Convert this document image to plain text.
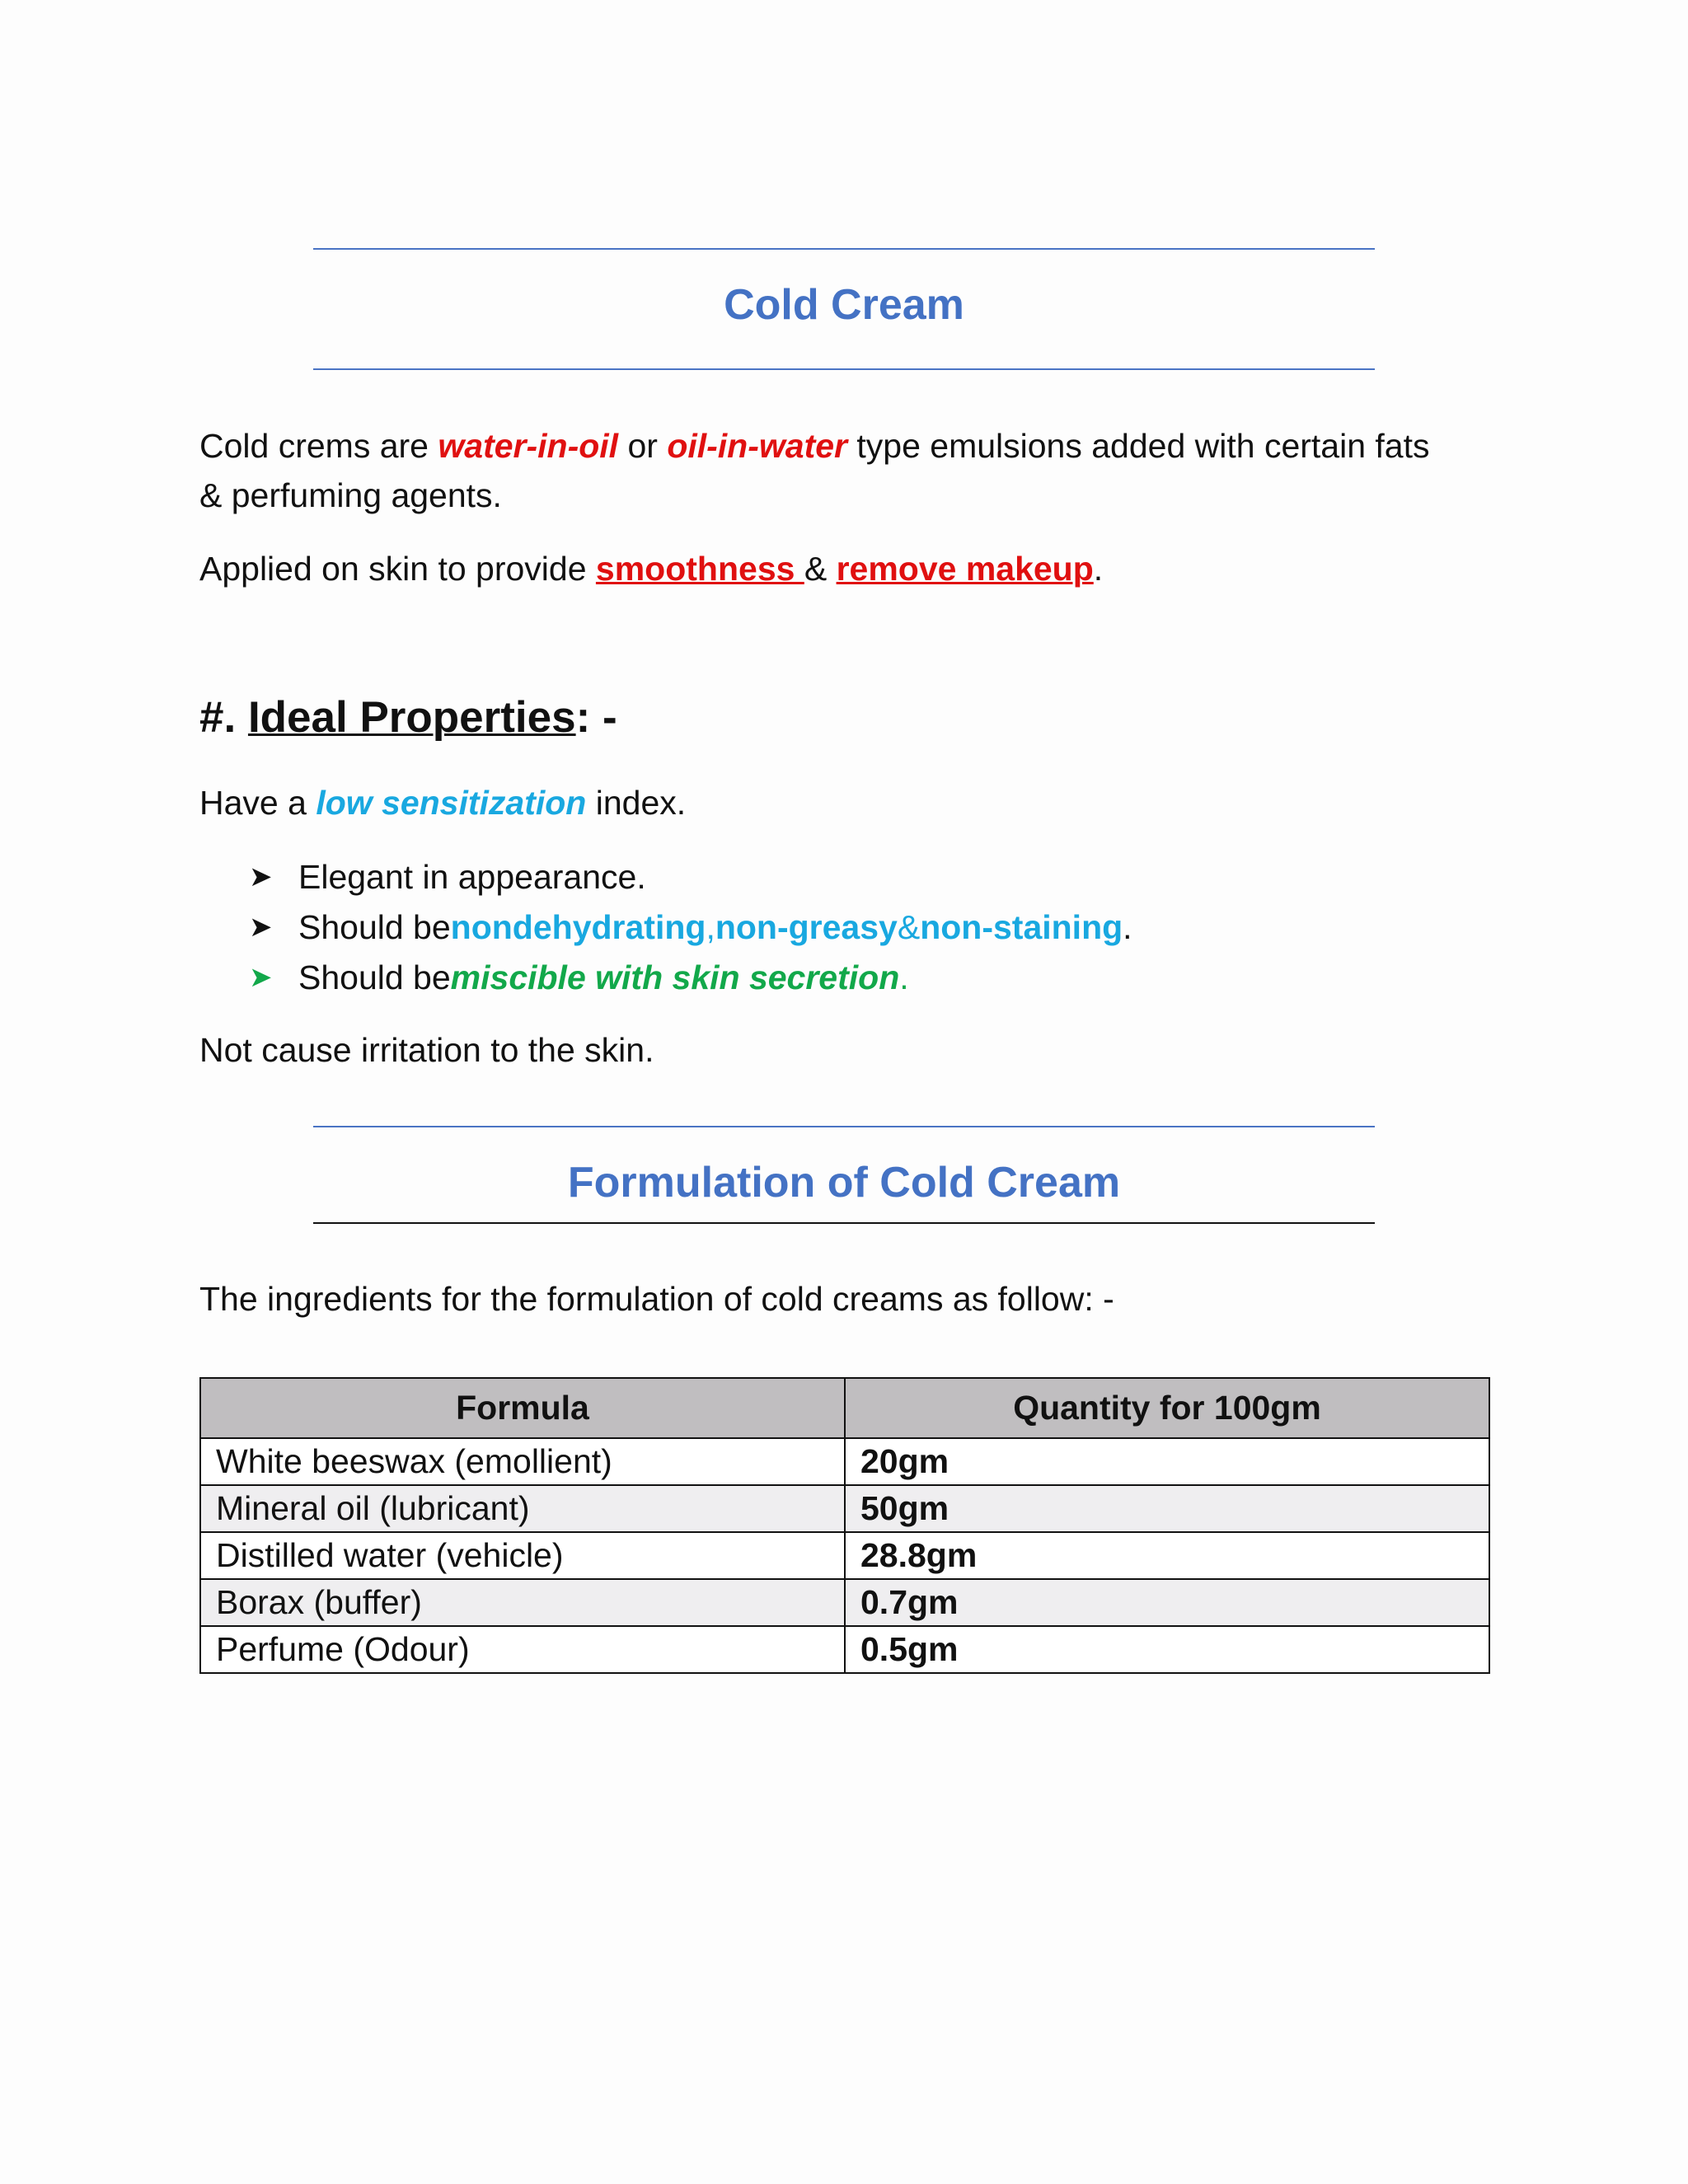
Cold Cream
Cold crems are water-in-oil or oil-in-water type emulsions added with certain fats
& perfuming agents.
Applied on skin to provide smoothness & remove makeup.
#. Ideal Properties: -
Have a low sensitization index.
➤ Elegant in appearance.
➤ Should be nondehydrating , non-greasy & non-staining .
➤ Should be miscible with skin secretion .
Not cause irritation to the skin.
Formulation of Cold Cream
The ingredients for the formulation of cold creams as follow: -
Formula	Quantity for 100gm
White beeswax (emollient)	20gm
Mineral oil (lubricant)	50gm
Distilled water (vehicle)	28.8gm
Borax (buffer)	0.7gm
Perfume (Odour)	0.5gm
